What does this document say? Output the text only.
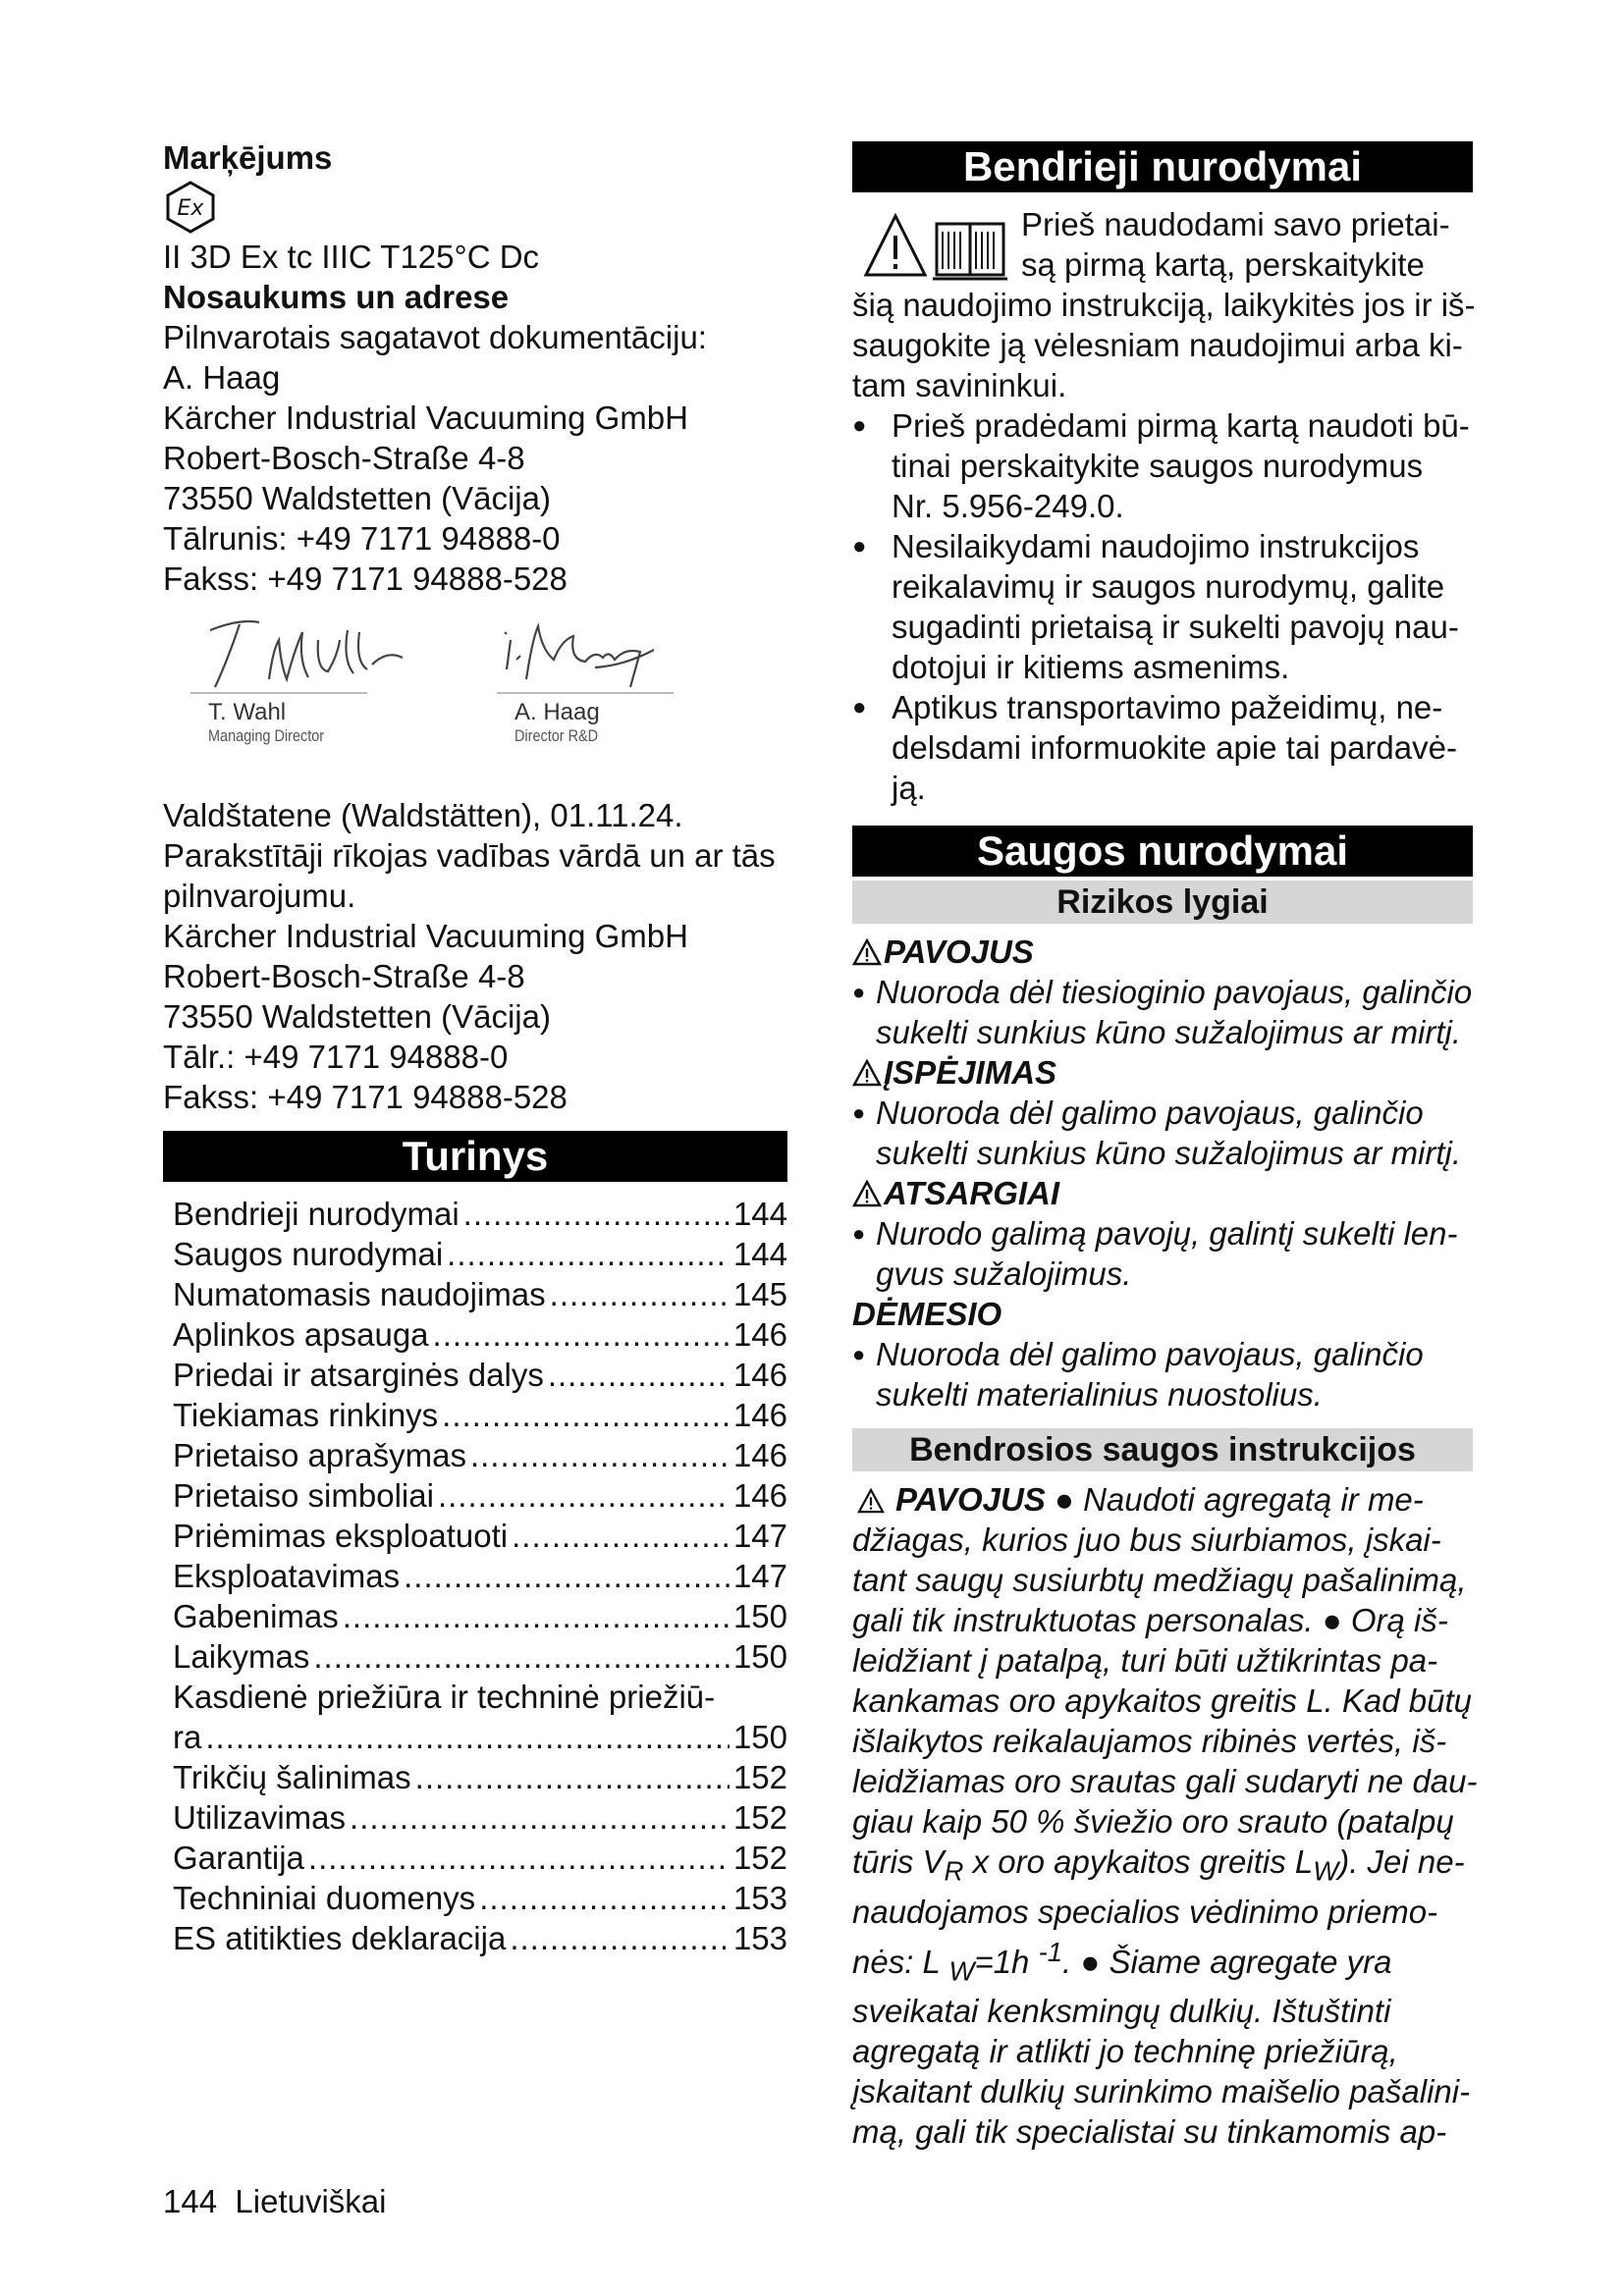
Marķējums
Ex
II 3D Ex tc IIIC T125°C Dc
Nosaukums un adrese
Pilnvarotais sagatavot dokumentāciju:
A. Haag
Kärcher Industrial Vacuuming GmbH
Robert-Bosch-Straße 4-8
73550 Waldstetten (Vācija)
Tālrunis: +49 7171 94888-0
Fakss: +49 7171 94888-528
T. Wahl
Managing Director
A. Haag
Director R&D
Valdštatene (Waldstätten), 01.11.24.
Parakstītāji rīkojas vadības vārdā un ar tās
pilnvarojumu.
Kärcher Industrial Vacuuming GmbH
Robert-Bosch-Straße 4-8
73550 Waldstetten (Vācija)
Tālr.: +49 7171 94888-0
Fakss: +49 7171 94888-528
Turinys
Bendrieji nurodymai .....	144
Saugos nurodymai .....	144
Numatomasis naudojimas .....	145
Aplinkos apsauga .....	146
Priedai ir atsarginės dalys .....	146
Tiekiamas rinkinys .....	146
Prietaiso aprašymas .....	146
Prietaiso simboliai .....	146
Priėmimas eksploatuoti .....	147
Eksploatavimas .....	147
Gabenimas .....	150
Laikymas .....	150
Kasdienė priežiūra ir techninė priežiū-
ra .....	150
Trikčių šalinimas .....	152
Utilizavimas .....	152
Garantija .....	152
Techniniai duomenys .....	153
ES atitikties deklaracija .....	153
Bendrieji nurodymai
Prieš naudodami savo prietai-
są pirmą kartą, perskaitykite
šią naudojimo instrukciją, laikykitės jos ir iš-
saugokite ją vėlesniam naudojimui arba ki-
tam savininkui.
● Prieš pradėdami pirmą kartą naudoti bū-
tinai perskaitykite saugos nurodymus
Nr. 5.956-249.0.
● Nesilaikydami naudojimo instrukcijos
reikalavimų ir saugos nurodymų, galite
sugadinti prietaisą ir sukelti pavojų nau-
dotojui ir kitiems asmenims.
● Aptikus transportavimo pažeidimų, ne-
delsdami informuokite apie tai pardavė-
ją.
Saugos nurodymai
Rizikos lygiai
PAVOJUS
● Nuoroda dėl tiesioginio pavojaus, galinčio
sukelti sunkius kūno sužalojimus ar mirtį.
ĮSPĖJIMAS
● Nuoroda dėl galimo pavojaus, galinčio
sukelti sunkius kūno sužalojimus ar mirtį.
ATSARGIAI
● Nurodo galimą pavojų, galintį sukelti len-
gvus sužalojimus.
DĖMESIO
● Nuoroda dėl galimo pavojaus, galinčio
sukelti materialinius nuostolius.
Bendrosios saugos instrukcijos
PAVOJUS ● Naudoti agregatą ir me-
džiagas, kurios juo bus siurbiamos, įskai-
tant saugų susiurbtų medžiagų pašalinimą,
gali tik instruktuotas personalas. ● Orą iš-
leidžiant į patalpą, turi būti užtikrintas pa-
kankamas oro apykaitos greitis L. Kad būtų
išlaikytos reikalaujamos ribinės vertės, iš-
leidžiamas oro srautas gali sudaryti ne dau-
giau kaip 50 % šviežio oro srauto (patalpų
tūris $V_R$ x oro apykaitos greitis $L_W$). Jei ne-
naudojamos specialios vėdinimo priemo-
nės: L $_W$=1h $^{-1}$. ● Šiame agregate yra
sveikatai kenksmingų dulkių. Ištuštinti
agregatą ir atlikti jo techninę priežiūrą,
įskaitant dulkių surinkimo maišelio pašalini-
mą, gali tik specialistai su tinkamomis ap-
144 Lietuviškai
